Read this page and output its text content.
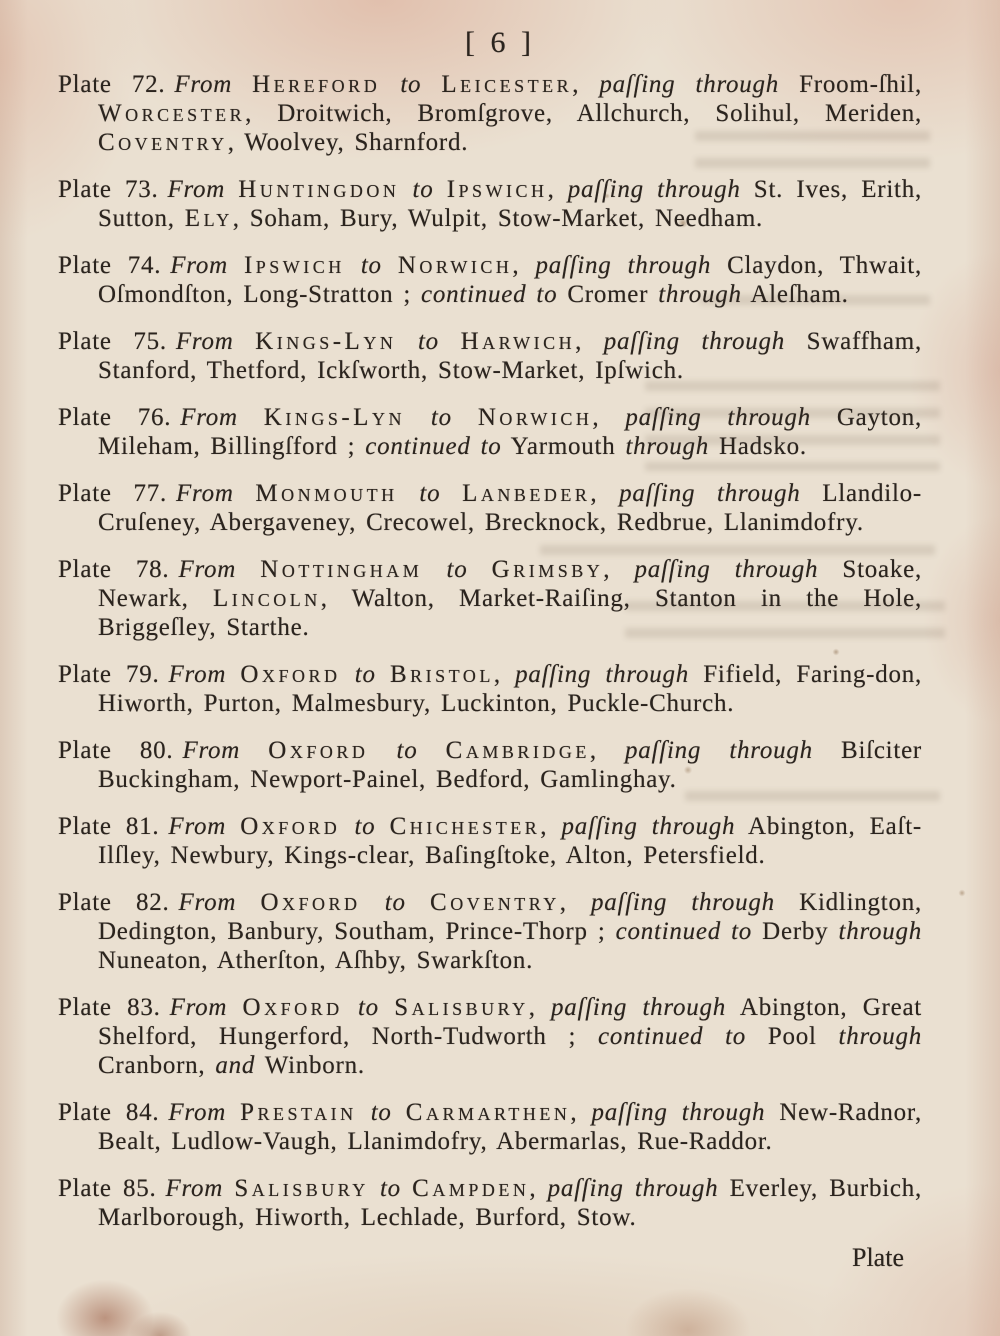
[ 6 ]

Plate 72. From Hereford to Leicester, paſſing through Froom-ſhil, Worcester, Droitwich, Bromſgrove, Allchurch, Solihul, Meriden, Coventry, Woolvey, Sharnford.

Plate 73. From Huntingdon to Ipswich, paſſing through St. Ives, Erith, Sutton, Ely, Soham, Bury, Wulpit, Stow-Market, Needham.

Plate 74. From Ipswich to Norwich, paſſing through Claydon, Thwait, Oſmondſton, Long-Stratton ; continued to Cromer through Aleſham.

Plate 75. From Kings-Lyn to Harwich, paſſing through Swaffham, Stanford, Thetford, Ickſworth, Stow-Market, Ipſwich.

Plate 76. From Kings-Lyn to Norwich, paſſing through Gayton, Mileham, Billingſford ; continued to Yarmouth through Hadsko.

Plate 77. From Monmouth to Lanbeder, paſſing through Llandilo-Cruſeney, Abergaveney, Crecowel, Brecknock, Redbrue, Llanimdofry.

Plate 78. From Nottingham to Grimsby, paſſing through Stoake, Newark, Lincoln, Walton, Market-Raiſing, Stanton in the Hole, Briggeſley, Starthe.

Plate 79. From Oxford to Bristol, paſſing through Fifield, Faring-don, Hiworth, Purton, Malmesbury, Luckinton, Puckle-Church.

Plate 80. From Oxford to Cambridge, paſſing through Biſciter Buckingham, Newport-Painel, Bedford, Gamlinghay.

Plate 81. From Oxford to Chichester, paſſing through Abington, Eaſt-Ilſley, Newbury, Kings-clear, Baſingſtoke, Alton, Petersfield.

Plate 82. From Oxford to Coventry, paſſing through Kidlington, Dedington, Banbury, Southam, Prince-Thorp ; continued to Derby through Nuneaton, Atherſton, Aſhby, Swarkſton.

Plate 83. From Oxford to Salisbury, paſſing through Abington, Great Shelford, Hungerford, North-Tudworth ; continued to Pool through Cranborn, and Winborn.

Plate 84. From Prestain to Carmarthen, paſſing through New-Radnor, Bealt, Ludlow-Vaugh, Llanimdofry, Abermarlas, Rue-Raddor.

Plate 85. From Salisbury to Campden, paſſing through Everley, Burbich, Marlborough, Hiworth, Lechlade, Burford, Stow.

Plate
